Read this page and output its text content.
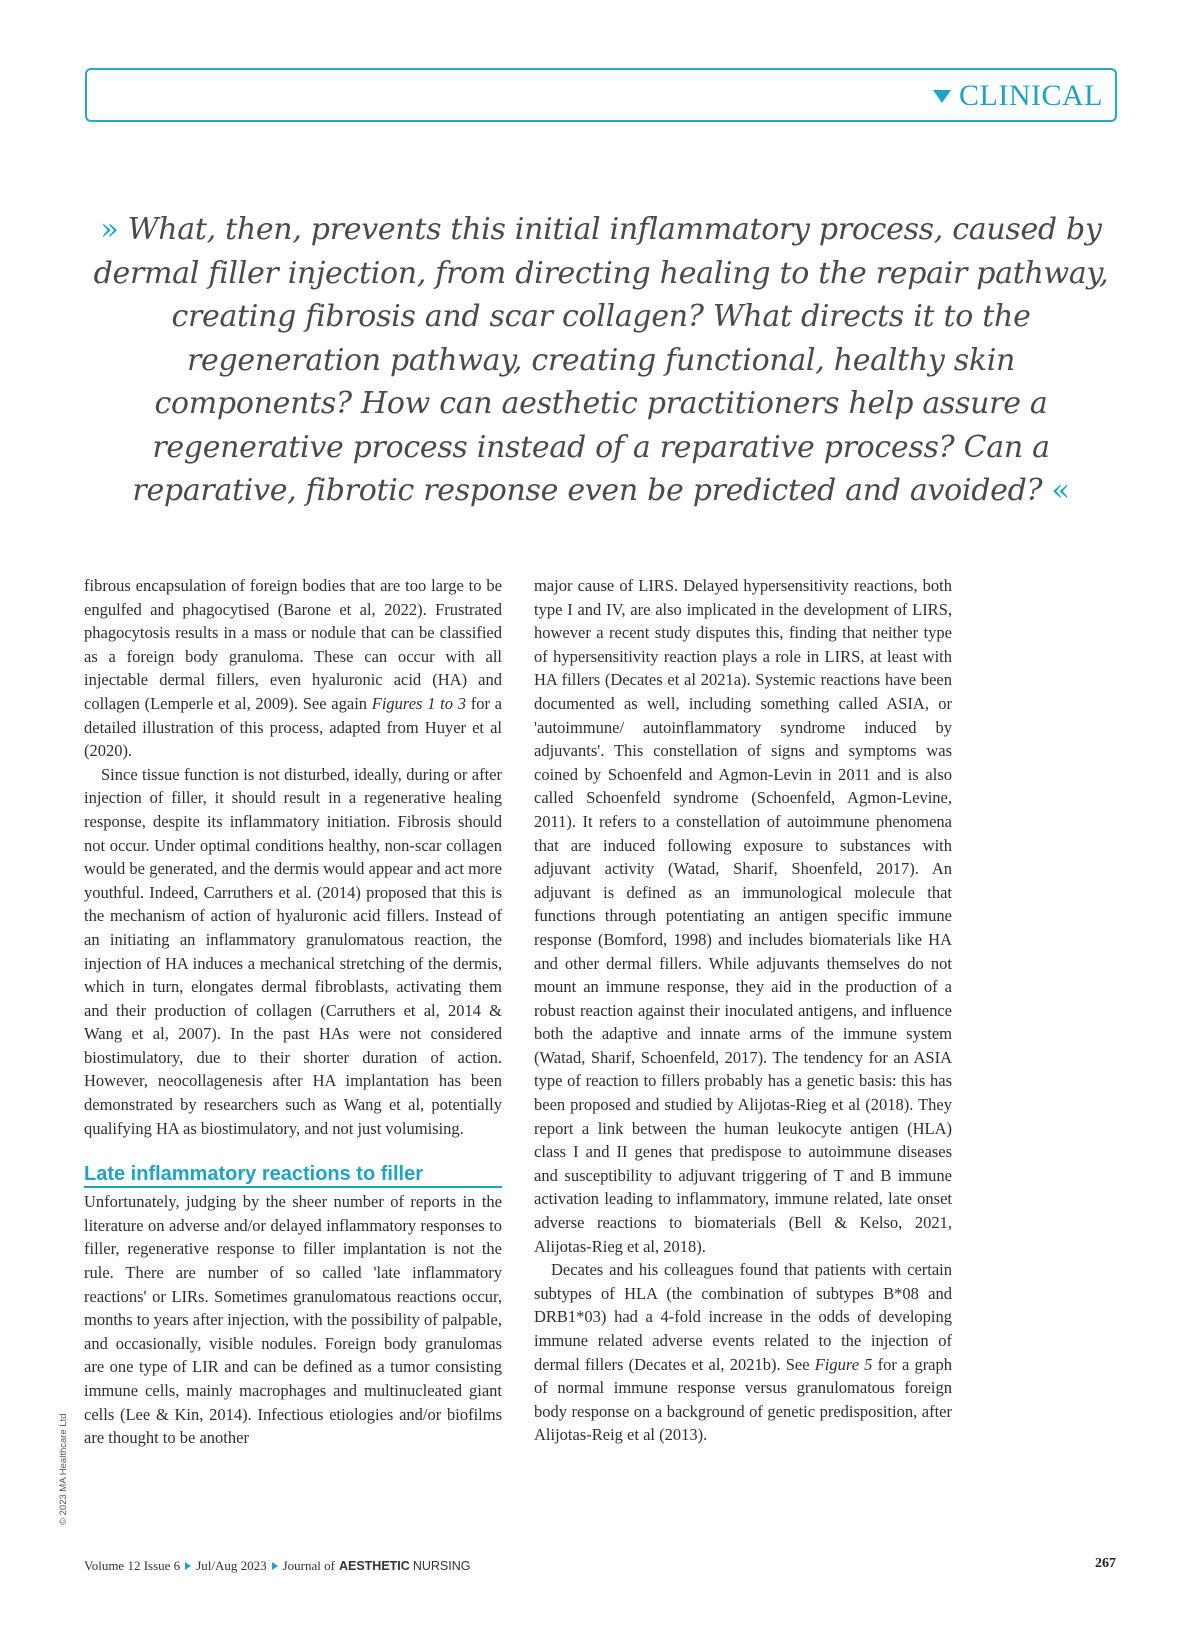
CLINICAL
» What, then, prevents this initial inflammatory process, caused by dermal filler injection, from directing healing to the repair pathway, creating fibrosis and scar collagen? What directs it to the regeneration pathway, creating functional, healthy skin components? How can aesthetic practitioners help assure a regenerative process instead of a reparative process? Can a reparative, fibrotic response even be predicted and avoided? «

fibrous encapsulation of foreign bodies that are too large to be engulfed and phagocytised (Barone et al, 2022). Frustrated phagocytosis results in a mass or nodule that can be classified as a foreign body granuloma. These can occur with all injectable dermal fillers, even hyaluronic acid (HA) and collagen (Lemperle et al, 2009). See again Figures 1 to 3 for a detailed illustration of this process, adapted from Huyer et al (2020).

Since tissue function is not disturbed, ideally, during or after injection of filler, it should result in a regenerative healing response, despite its inflammatory initiation. Fibrosis should not occur. Under optimal conditions healthy, non-scar collagen would be generated, and the dermis would appear and act more youthful. Indeed, Carruthers et al. (2014) proposed that this is the mechanism of action of hyaluronic acid fillers. Instead of an initiating an inflammatory granulomatous reaction, the injection of HA induces a mechanical stretching of the dermis, which in turn, elongates dermal fibroblasts, activating them and their production of collagen (Carruthers et al, 2014 & Wang et al, 2007). In the past HAs were not considered biostimulatory, due to their shorter duration of action. However, neocollagenesis after HA implantation has been demonstrated by researchers such as Wang et al, potentially qualifying HA as biostimulatory, and not just volumising.

Late inflammatory reactions to filler

Unfortunately, judging by the sheer number of reports in the literature on adverse and/or delayed inflammatory responses to filler, regenerative response to filler implantation is not the rule. There are number of so called 'late inflammatory reactions' or LIRs. Sometimes granulomatous reactions occur, months to years after injection, with the possibility of palpable, and occasionally, visible nodules. Foreign body granulomas are one type of LIR and can be defined as a tumor consisting immune cells, mainly macrophages and multinucleated giant cells (Lee & Kin, 2014). Infectious etiologies and/or biofilms are thought to be another

major cause of LIRS. Delayed hypersensitivity reactions, both type I and IV, are also implicated in the development of LIRS, however a recent study disputes this, finding that neither type of hypersensitivity reaction plays a role in LIRS, at least with HA fillers (Decates et al 2021a). Systemic reactions have been documented as well, including something called ASIA, or 'autoimmune/ autoinflammatory syndrome induced by adjuvants'. This constellation of signs and symptoms was coined by Schoenfeld and Agmon-Levin in 2011 and is also called Schoenfeld syndrome (Schoenfeld, Agmon-Levine, 2011). It refers to a constellation of autoimmune phenomena that are induced following exposure to substances with adjuvant activity (Watad, Sharif, Shoenfeld, 2017). An adjuvant is defined as an immunological molecule that functions through potentiating an antigen specific immune response (Bomford, 1998) and includes biomaterials like HA and other dermal fillers. While adjuvants themselves do not mount an immune response, they aid in the production of a robust reaction against their inoculated antigens, and influence both the adaptive and innate arms of the immune system (Watad, Sharif, Schoenfeld, 2017). The tendency for an ASIA type of reaction to fillers probably has a genetic basis: this has been proposed and studied by Alijotas-Rieg et al (2018). They report a link between the human leukocyte antigen (HLA) class I and II genes that predispose to autoimmune diseases and susceptibility to adjuvant triggering of T and B immune activation leading to inflammatory, immune related, late onset adverse reactions to biomaterials (Bell & Kelso, 2021, Alijotas-Rieg et al, 2018).

Decates and his colleagues found that patients with certain subtypes of HLA (the combination of subtypes B*08 and DRB1*03) had a 4-fold increase in the odds of developing immune related adverse events related to the injection of dermal fillers (Decates et al, 2021b). See Figure 5 for a graph of normal immune response versus granulomatous foreign body response on a background of genetic predisposition, after Alijotas-Reig et al (2013).

© 2023 MA Healthcare Ltd
Volume 12 Issue 6 Jul/Aug 2023 Journal of AESTHETIC NURSING	267
